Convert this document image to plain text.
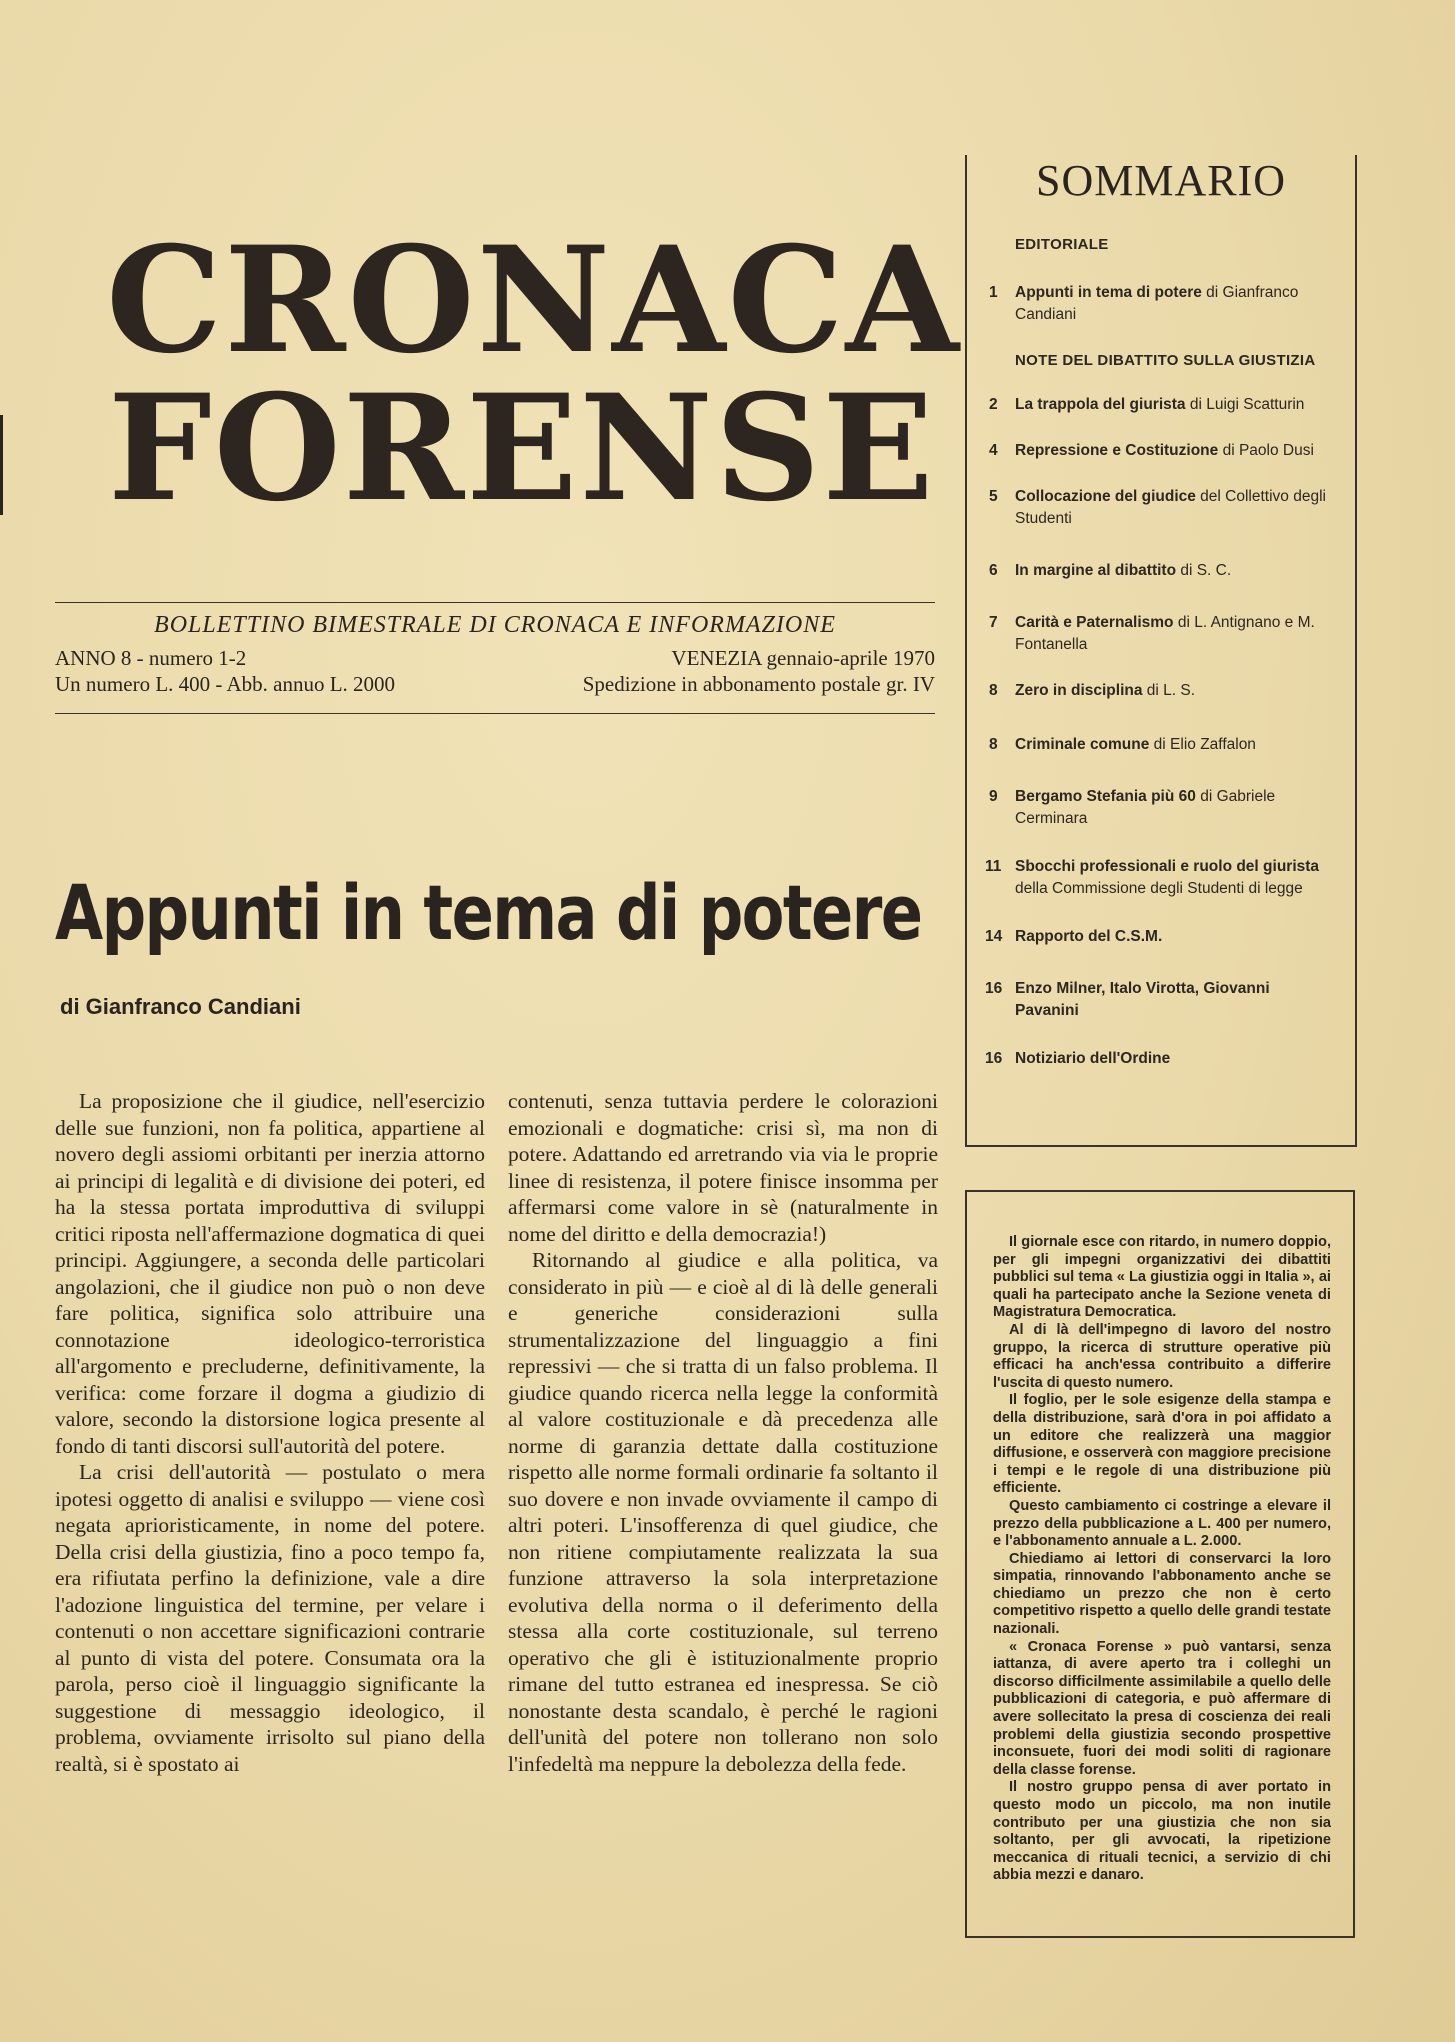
CRONACA
FORENSE
BOLLETTINO BIMESTRALE DI CRONACA E INFORMAZIONE
ANNO 8 - numero 1-2
Un numero L. 400 - Abb. annuo L. 2000
VENEZIA gennaio-aprile 1970
Spedizione in abbonamento postale gr. IV
Appunti in tema di potere
di Gianfranco Candiani

La proposizione che il giudice, nell'esercizio delle sue funzioni, non fa politica, appartiene al novero degli assiomi orbitanti per inerzia attorno ai principi di legalità e di divisione dei poteri, ed ha la stessa portata improduttiva di sviluppi critici riposta nell'affermazione dogmatica di quei principi. Aggiungere, a seconda delle particolari angolazioni, che il giudice non può o non deve fare politica, significa solo attribuire una connotazione ideologico-terroristica all'argomento e precluderne, definitivamente, la verifica: come forzare il dogma a giudizio di valore, secondo la distorsione logica presente al fondo di tanti discorsi sull'autorità del potere.

La crisi dell'autorità — postulato o mera ipotesi oggetto di analisi e sviluppo — viene così negata aprioristicamente, in nome del potere. Della crisi della giustizia, fino a poco tempo fa, era rifiutata perfino la definizione, vale a dire l'adozione linguistica del termine, per velare i contenuti o non accettare significazioni contrarie al punto di vista del potere. Consumata ora la parola, perso cioè il linguaggio significante la suggestione di messaggio ideologico, il problema, ovviamente irrisolto sul piano della realtà, si è spostato ai

contenuti, senza tuttavia perdere le colorazioni emozionali e dogmatiche: crisi sì, ma non di potere. Adattando ed arretrando via via le proprie linee di resistenza, il potere finisce insomma per affermarsi come valore in sè (naturalmente in nome del diritto e della democrazia!)

Ritornando al giudice e alla politica, va considerato in più — e cioè al di là delle generali e generiche considerazioni sulla strumentalizzazione del linguaggio a fini repressivi — che si tratta di un falso problema. Il giudice quando ricerca nella legge la conformità al valore costituzionale e dà precedenza alle norme di garanzia dettate dalla costituzione rispetto alle norme formali ordinarie fa soltanto il suo dovere e non invade ovviamente il campo di altri poteri. L'insofferenza di quel giudice, che non ritiene compiutamente realizzata la sua funzione attraverso la sola interpretazione evolutiva della norma o il deferimento della stessa alla corte costituzionale, sul terreno operativo che gli è istituzionalmente proprio rimane del tutto estranea ed inespressa. Se ciò nonostante desta scandalo, è perché le ragioni dell'unità del potere non tollerano non solo l'infedeltà ma neppure la debolezza della fede.

SOMMARIO
EDITORIALE
1	Appunti in tema di potere di Gianfranco Candiani
NOTE DEL DIBATTITO SULLA GIUSTIZIA
2	La trappola del giurista di Luigi Scatturin
4	Repressione e Costituzione di Paolo Dusi
5	Collocazione del giudice del Collettivo degli Studenti
6	In margine al dibattito di S. C.
7	Carità e Paternalismo di L. Antignano e M. Fontanella
8	Zero in disciplina di L. S.
8	Criminale comune di Elio Zaffalon
9	Bergamo Stefania più 60 di Gabriele Cerminara
11 Sbocchi professionali e ruolo del giurista della Commissione degli Studenti di legge
14 Rapporto del C.S.M.
16 Enzo Milner, Italo Virotta, Giovanni Pavanini
16 Notiziario dell'Ordine

Il giornale esce con ritardo, in numero doppio, per gli impegni organizzativi dei dibattiti pubblici sul tema « La giustizia oggi in Italia », ai quali ha partecipato anche la Sezione veneta di Magistratura Democratica.

Al di là dell'impegno di lavoro del nostro gruppo, la ricerca di strutture operative più efficaci ha anch'essa contribuito a differire l'uscita di questo numero.

Il foglio, per le sole esigenze della stampa e della distribuzione, sarà d'ora in poi affidato a un editore che realizzerà una maggior diffusione, e osserverà con maggiore precisione i tempi e le regole di una distribuzione più efficiente.

Questo cambiamento ci costringe a elevare il prezzo della pubblicazione a L. 400 per numero, e l'abbonamento annuale a L. 2.000.

Chiediamo ai lettori di conservarci la loro simpatia, rinnovando l'abbonamento anche se chiediamo un prezzo che non è certo competitivo rispetto a quello delle grandi testate nazionali.

« Cronaca Forense » può vantarsi, senza iattanza, di avere aperto tra i colleghi un discorso difficilmente assimilabile a quello delle pubblicazioni di categoria, e può affermare di avere sollecitato la presa di coscienza dei reali problemi della giustizia secondo prospettive inconsuete, fuori dei modi soliti di ragionare della classe forense.

Il nostro gruppo pensa di aver portato in questo modo un piccolo, ma non inutile contributo per una giustizia che non sia soltanto, per gli avvocati, la ripetizione meccanica di rituali tecnici, a servizio di chi abbia mezzi e danaro.
